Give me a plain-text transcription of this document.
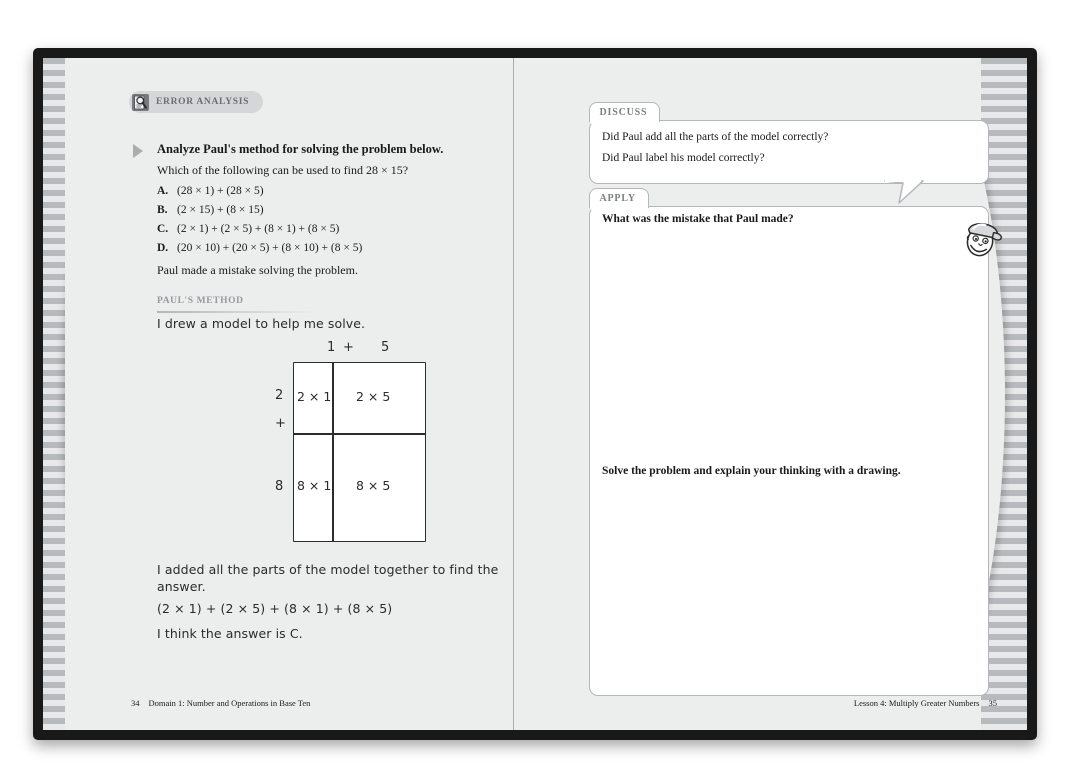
ERROR ANALYSIS
Analyze Paul's method for solving the problem below.
Which of the following can be used to find 28 × 15?
A. (28 × 1) + (28 × 5)
B. (2 × 15) + (8 × 15)
C. (2 × 1) + (2 × 5) + (8 × 1) + (8 × 5)
D. (20 × 10) + (20 × 5) + (8 × 10) + (8 × 5)
Paul made a mistake solving the problem.
PAUL'S METHOD
I drew a model to help me solve.
1 + 5
2
+
8
2 × 1 2 × 5
8 × 1 8 × 5
I added all the parts of the model together to find the answer.
(2 × 1) + (2 × 5) + (8 × 1) + (8 × 5)
I think the answer is C.
34 Domain 1: Number and Operations in Base Ten
DISCUSS

Did Paul add all the parts of the model correctly?

Did Paul label his model correctly?

APPLY
What was the mistake that Paul made?
Solve the problem and explain your thinking with a drawing.
Lesson 4: Multiply Greater Numbers 35
